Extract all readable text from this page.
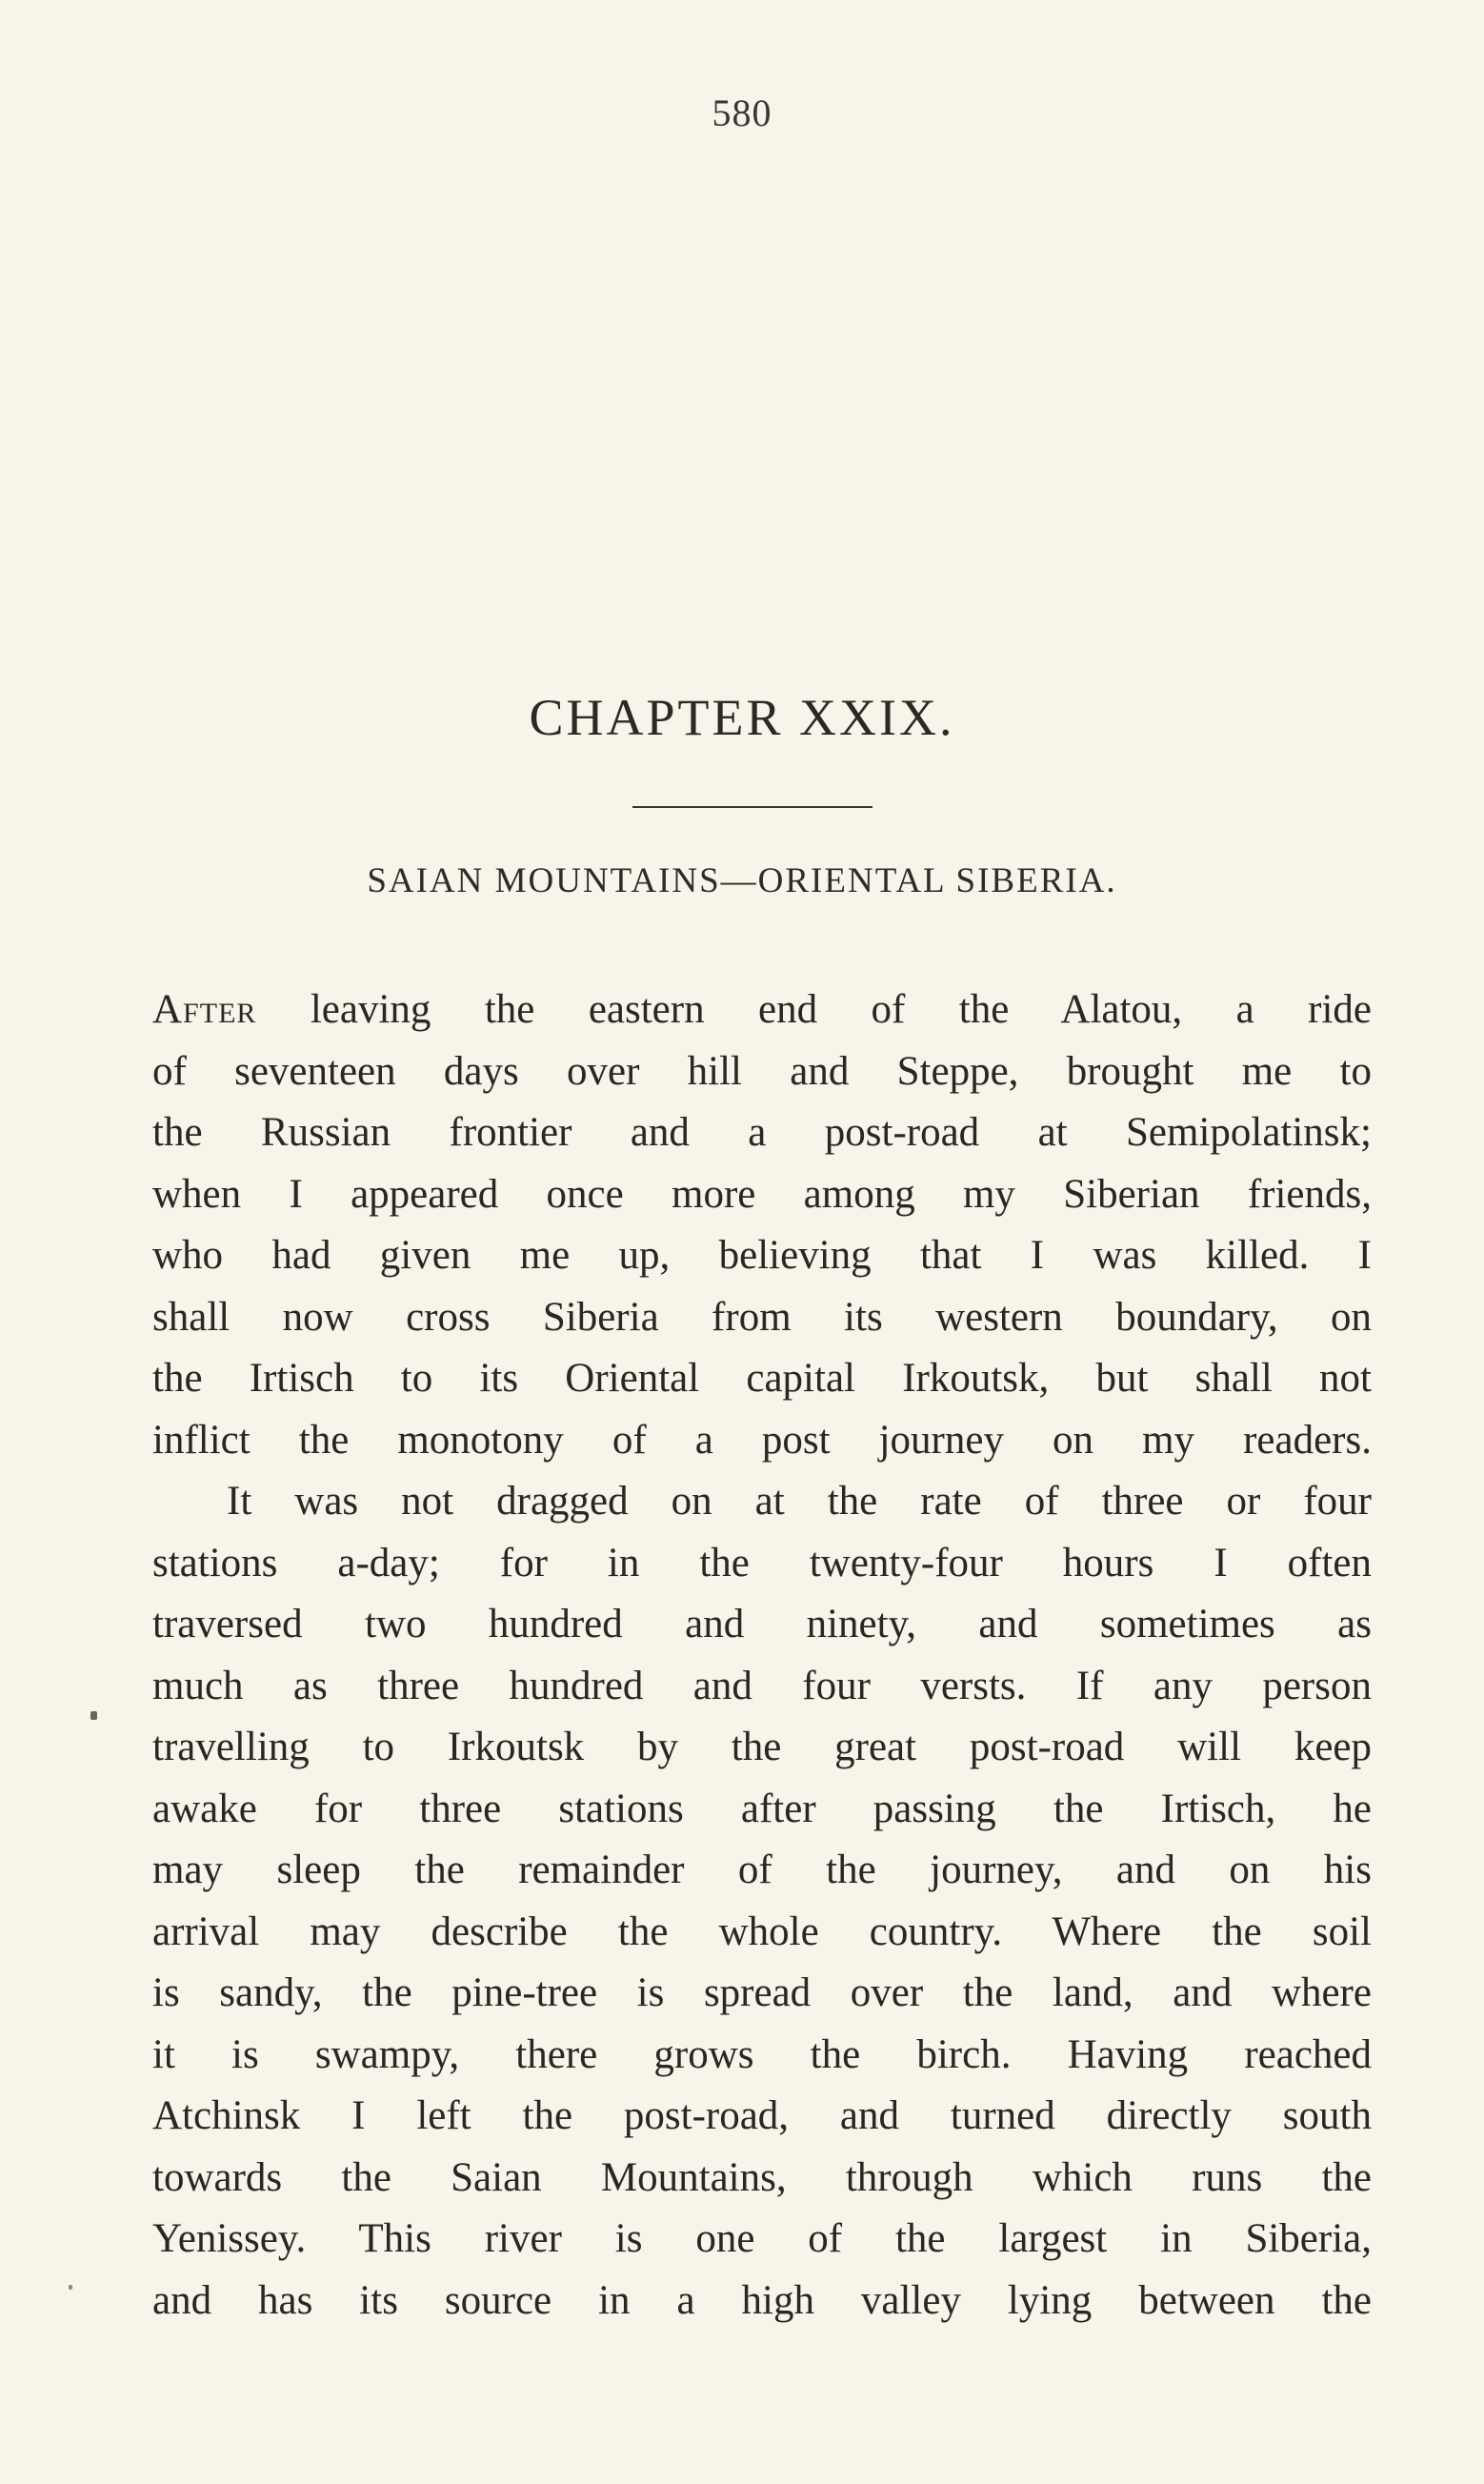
580
CHAPTER XXIX.
SAIAN MOUNTAINS—ORIENTAL SIBERIA.
After leaving the eastern end of the Alatou, a ride
of seventeen days over hill and Steppe, brought me to
the Russian frontier and a post-road at Semipolatinsk;
when I appeared once more among my Siberian friends,
who had given me up, believing that I was killed. I
shall now cross Siberia from its western boundary, on
the Irtisch to its Oriental capital Irkoutsk, but shall not
inflict the monotony of a post journey on my readers.
It was not dragged on at the rate of three or four
stations a-day; for in the twenty-four hours I often
traversed two hundred and ninety, and sometimes as
much as three hundred and four versts. If any person
travelling to Irkoutsk by the great post-road will keep
awake for three stations after passing the Irtisch, he
may sleep the remainder of the journey, and on his
arrival may describe the whole country. Where the soil
is sandy, the pine-tree is spread over the land, and where
it is swampy, there grows the birch. Having reached
Atchinsk I left the post-road, and turned directly south
towards the Saian Mountains, through which runs the
Yenissey. This river is one of the largest in Siberia,
and has its source in a high valley lying between the
